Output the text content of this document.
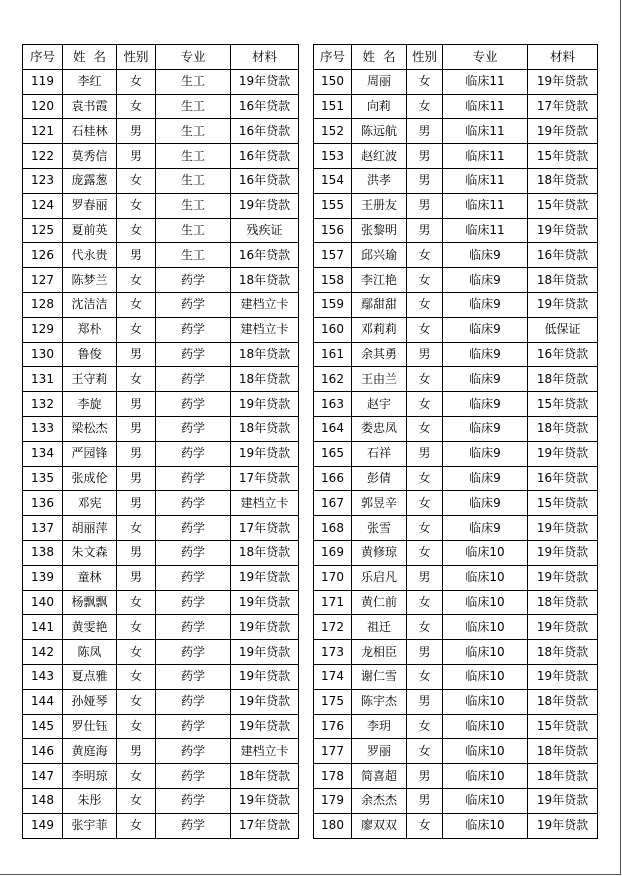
序号	姓  名	性别	专业	材料
119	李红	女	生工	19年贷款
120	袁书霞	女	生工	16年贷款
121	石桂林	男	生工	16年贷款
122	莫秀信	男	生工	16年贷款
123	庞露葱	女	生工	16年贷款
124	罗春丽	女	生工	19年贷款
125	夏前英	女	生工	残疾证
126	代永贵	男	生工	16年贷款
127	陈梦兰	女	药学	18年贷款
128	沈洁洁	女	药学	建档立卡
129	郑朴	女	药学	建档立卡
130	鲁俊	男	药学	18年贷款
131	王守莉	女	药学	18年贷款
132	李旋	男	药学	19年贷款
133	梁松杰	男	药学	18年贷款
134	严园锋	男	药学	19年贷款
135	张成伦	男	药学	17年贷款
136	邓宪	男	药学	建档立卡
137	胡丽萍	女	药学	17年贷款
138	朱文森	男	药学	18年贷款
139	童林	男	药学	19年贷款
140	杨飘飘	女	药学	19年贷款
141	黄雯艳	女	药学	19年贷款
142	陈凤	女	药学	19年贷款
143	夏点雅	女	药学	19年贷款
144	孙娅琴	女	药学	19年贷款
145	罗仕钰	女	药学	19年贷款
146	黄庭海	男	药学	建档立卡
147	李明琼	女	药学	18年贷款
148	朱彤	女	药学	19年贷款
149	张宇菲	女	药学	17年贷款
序号	姓  名	性别	专业	材料
150	周丽	女	临床11	19年贷款
151	向莉	女	临床11	17年贷款
152	陈远航	男	临床11	19年贷款
153	赵红波	男	临床11	15年贷款
154	洪孝	男	临床11	18年贷款
155	王册友	男	临床11	15年贷款
156	张黎明	男	临床11	19年贷款
157	邱兴瑜	女	临床9	16年贷款
158	李江艳	女	临床9	18年贷款
159	鄢甜甜	女	临床9	19年贷款
160	邓莉莉	女	临床9	低保证
161	余其勇	男	临床9	16年贷款
162	王由兰	女	临床9	18年贷款
163	赵宇	女	临床9	15年贷款
164	娄忠凤	女	临床9	18年贷款
165	石祥	男	临床9	19年贷款
166	彭倩	女	临床9	16年贷款
167	郭昱辛	女	临床9	15年贷款
168	张雪	女	临床9	19年贷款
169	黄修琼	女	临床10	19年贷款
170	乐启凡	男	临床10	19年贷款
171	黄仁前	女	临床10	18年贷款
172	祖迁	女	临床10	19年贷款
173	龙相臣	男	临床10	18年贷款
174	谢仁雪	女	临床10	19年贷款
175	陈宇杰	男	临床10	18年贷款
176	李玥	女	临床10	15年贷款
177	罗丽	女	临床10	18年贷款
178	简喜超	男	临床10	18年贷款
179	余杰杰	男	临床10	19年贷款
180	廖双双	女	临床10	19年贷款
